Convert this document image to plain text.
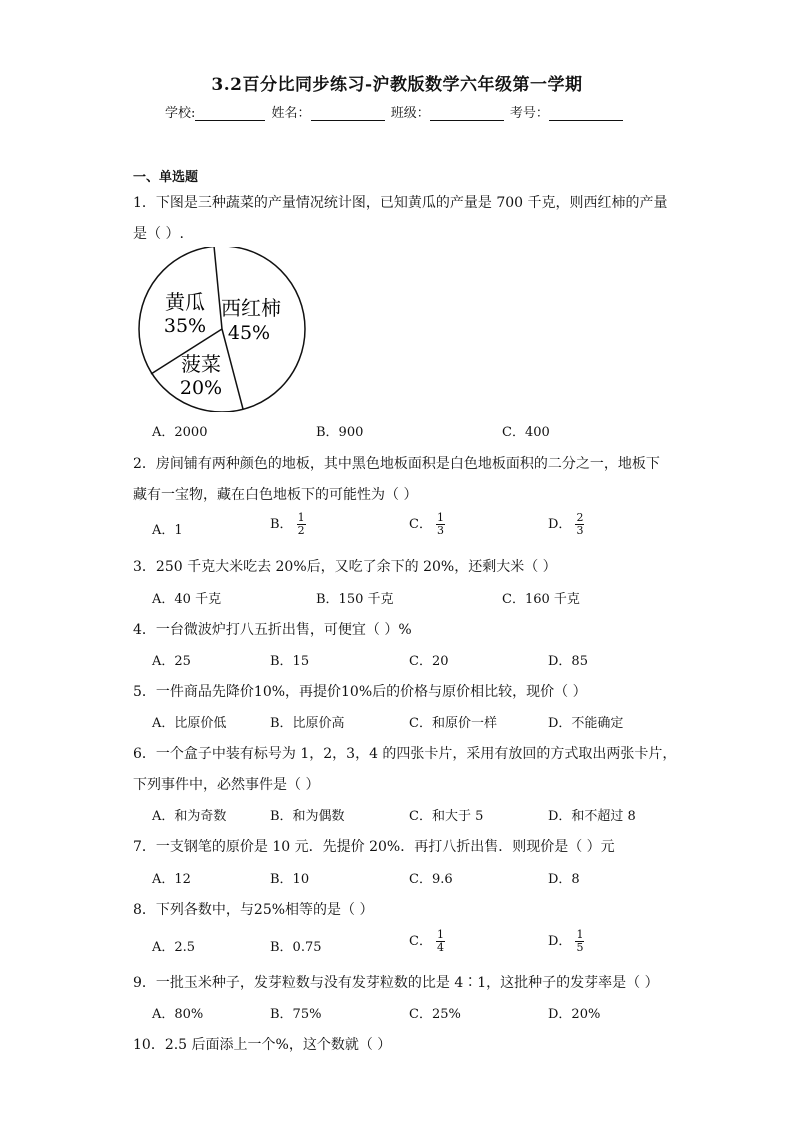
3.2百分比同步练习-沪教版数学六年级第一学期
学校:	姓名：	班级：	考号：
一、单选题
1．下图是三种蔬菜的产量情况统计图，已知黄瓜的产量是 700 千克，则西红柿的产量
是（ ）.
黄瓜
35%
西红柿
45%
菠菜
20%
A．2000	B．900	C．400
2．房间铺有两种颜色的地板，其中黑色地板面积是白色地板面积的二分之一，地板下
藏有一宝物，藏在白色地板下的可能性为（ ）
A．1	B． $\frac{1}{2}$	C． $\frac{1}{3}$	D． $\frac{2}{3}$
3．250 千克大米吃去 20%后，又吃了余下的 20%，还剩大米（ ）
A．40 千克	B．150 千克	C．160 千克
4．一台微波炉打八五折出售，可便宜（ ）%
A．25	B．15	C．20	D．85
5．一件商品先降价10%，再提价10%后的价格与原价相比较，现价（ ）
A．比原价低	B．比原价高	C．和原价一样	D．不能确定
6．一个盒子中装有标号为 1，2，3，4 的四张卡片，采用有放回的方式取出两张卡片，
下列事件中，必然事件是（ ）
A．和为奇数	B．和为偶数	C．和大于 5	D．和不超过 8
7．一支钢笔的原价是 10 元．先提价 20%．再打八折出售．则现价是（ ）元
A．12	B．10	C．9.6	D．8
8．下列各数中，与25%相等的是（ ）
A．2.5	B．0.75	C． $\frac{1}{4}$	D． $\frac{1}{5}$
9．一批玉米种子，发芽粒数与没有发芽粒数的比是 4∶1，这批种子的发芽率是（ ）
A．80%	B．75%	C．25%	D．20%
10．2.5 后面添上一个%，这个数就（ ）
